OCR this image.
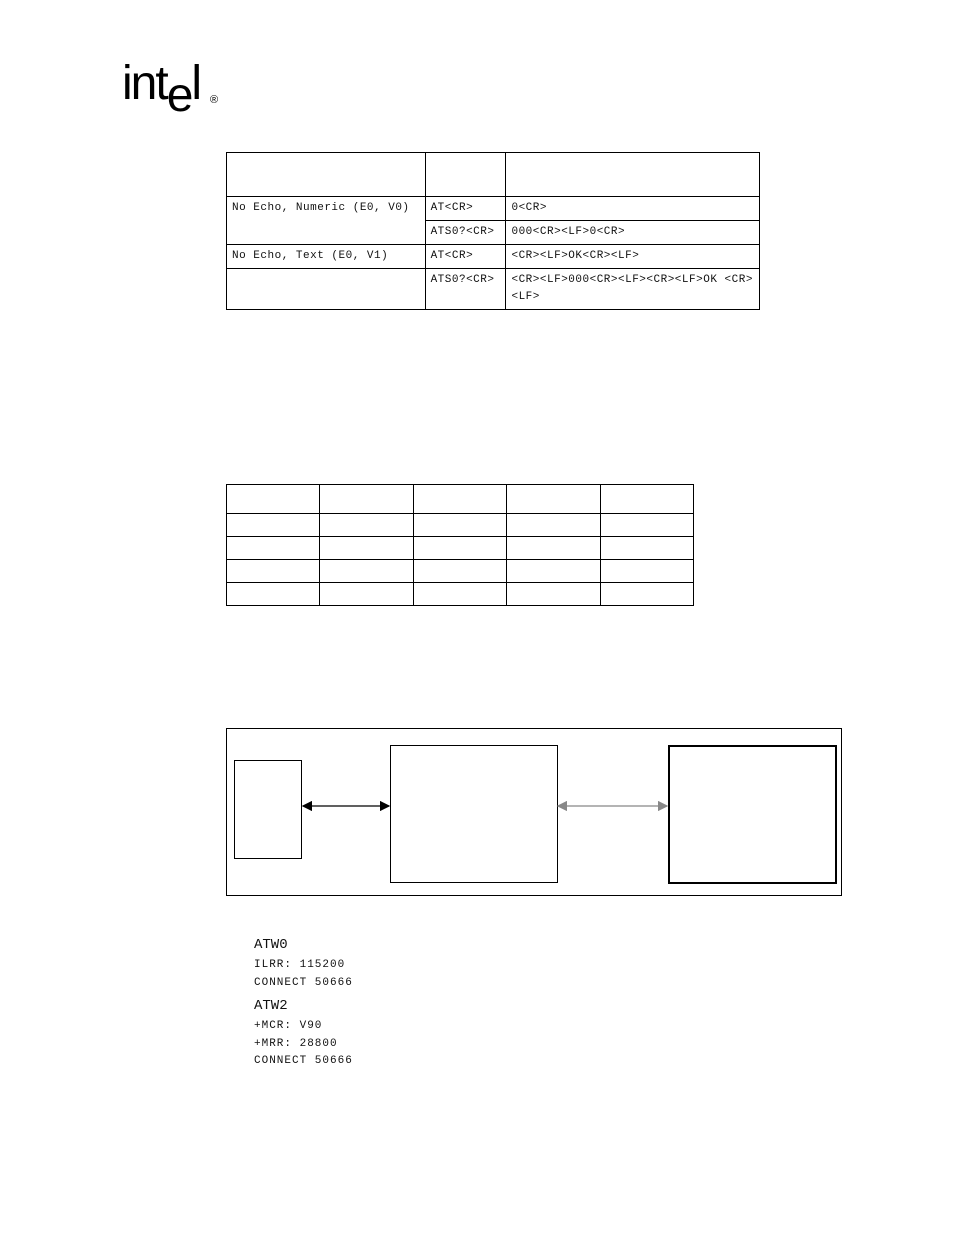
intel ®

No Echo, Numeric (E0, V0)	AT<CR>	0<CR>
	ATS0?<CR>	000<CR><LF>0<CR>
No Echo, Text (E0, V1)	AT<CR>	<CR><LF>OK<CR><LF>
	ATS0?<CR>	<CR><LF>000<CR><LF><CR><LF>OK <CR><LF>

ATW0
ILRR: 115200
CONNECT 50666
ATW2
+MCR: V90
+MRR: 28800
CONNECT 50666
